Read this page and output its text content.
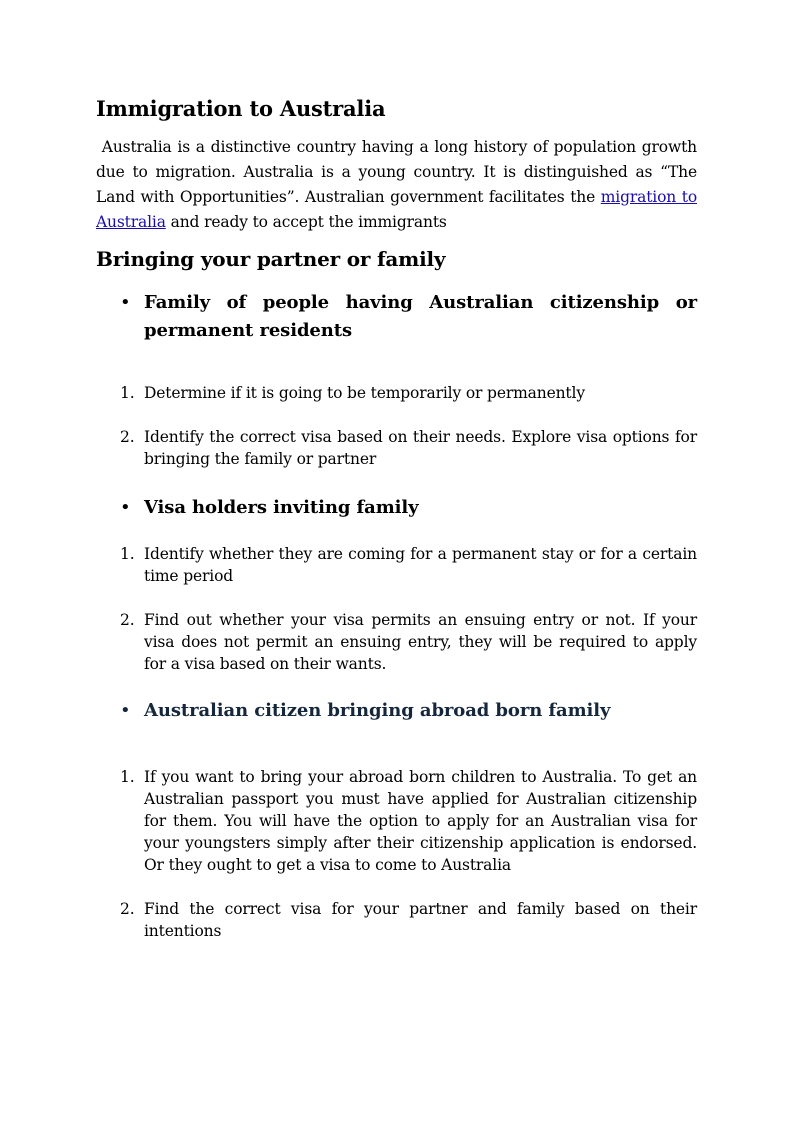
Immigration to Australia

Australia is a distinctive country having a long history of population growth due to migration. Australia is a young country. It is distinguished as “The Land with Opportunities”. Australian government facilitates the migration to Australia and ready to accept the immigrants

Bringing your partner or family
• Family of people having Australian citizenship or
permanent residents
1. Determine if it is going to be temporarily or permanently
2. Identify the correct visa based on their needs. Explore visa options for bringing the family or partner
• Visa holders inviting family
1. Identify whether they are coming for a permanent stay or for a certain time period
2. Find out whether your visa permits an ensuing entry or not. If your visa does not permit an ensuing entry, they will be required to apply for a visa based on their wants.
• Australian citizen bringing abroad born family
1. If you want to bring your abroad born children to Australia. To get an Australian passport you must have applied for Australian citizenship for them. You will have the option to apply for an Australian visa for your youngsters simply after their citizenship application is endorsed. Or they ought to get a visa to come to Australia
2. Find the correct visa for your partner and family based on their intentions
